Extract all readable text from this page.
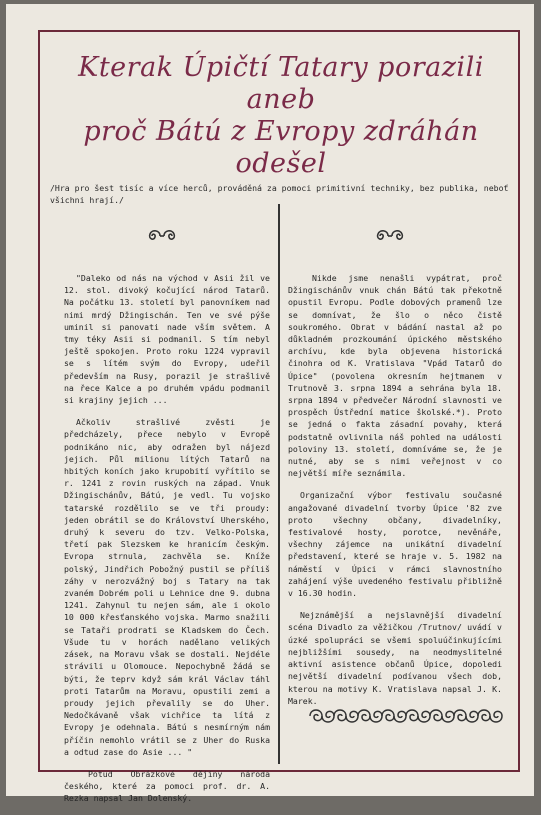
Kterak Úpičtí Tatary porazili
aneb
proč Bátú z Evropy zdráhán
odešel
/Hra pro šest tisíc a více herců, prováděná za pomoci primitivní techniky, bez publika, neboť všichni hrají./

"Daleko od nás na východ v Asii žil ve 12. stol. divoký kočující národ Tatarů. Na počátku 13. století byl panovníkem nad nimi mrdý Džingischán. Ten ve své pýše uminil si panovati nade vším světem. A tmy téky Asii si podmanil. S tím nebyl ještě spokojen. Proto roku 1224 vypravil se s lítém svým do Evropy, udeřil především na Rusy, porazil je strašlivě na řece Kalce a po druhém vpádu podmanil si krajiny jejich ...

Ačkoliv strašlivé zvěsti je předcházely, přece nebylo v Evropě podnikáno nic, aby odražen byl nájezd jejich. Půl milionu lítých Tatarů na hbitých koních jako krupobití vyřítilo se r. 1241 z rovin ruských na západ. Vnuk Džingischánův, Bátú, je vedl. Tu vojsko tatarské rozdělilo se ve tři proudy: jeden obrátil se do Království Uherského, druhý k severu do tzv. Velko-Polska, třetí pak Slezskem ke hranicím českým. Evropa strnula, zachvěla se. Kníže polský, Jindřich Pobožný pustil se příliš záhy v nerozvážný boj s Tatary na tak zvaném Dobrém poli u Lehnice dne 9. dubna 1241. Zahynul tu nejen sám, ale i okolo 10 000 křesťanského vojska. Marmo snažili se Tataři prodrati se Kladskem do Čech. Všude tu v horách nadělano velikých zásek, na Moravu však se dostali. Nejdéle strávili u Olomouce. Nepochybně žádá se býti, že teprv když sám král Václav táhl proti Tatarům na Moravu, opustili zemi a proudy jejich převalily se do Uher. Nedočkávaně však vichřice ta lítá z Evropy je odehnala. Bátú s nesmírným nám příčin nemohlo vrátil se z Uher do Ruska a odtud zase do Asie ... "

Potud Obrázkové dějiny národa českého, které za pomoci prof. dr. A. Rezka napsal Jan Dolenský.

Nikde jsme nenašli vypátrat, proč Džingischánův vnuk chán Bátú tak překotně opustil Evropu. Podle dobových pramenů lze se domnívat, že šlo o něco čistě soukromého. Obrat v bádání nastal až po důkladném prozkoumání úpického městského archívu, kde byla objevena historická činohra od K. Vratislava "Vpád Tatarů do Úpice" (povolena okresním hejtmanem v Trutnově 3. srpna 1894 a sehrána byla 18. srpna 1894 v předvečer Národní slavnosti ve prospěch Ústřední matice školské.*). Proto se jedná o fakta zásadní povahy, která podstatně ovlivnila náš pohled na události poloviny 13. století, domníváme se, že je nutné, aby se s nimi veřejnost v co největší míře seznámila.

Organizační výbor festivalu současné angažované divadelní tvorby Úpice '82 zve proto všechny občany, divadelníky, festivalové hosty, porotce, nevěnáře, všechny zájemce na unikátní divadelní představení, které se hraje v. 5. 1982 na náměstí v Úpici v rámci slavnostního zahájení výše uvedeného festivalu přibližně v 16.30 hodin.

Nejznámější a nejslavnější divadelní scéna Divadlo za věžičkou /Trutnov/ uvádí v úzké spolupráci se všemi spoluúčinkujícími nejbližšími sousedy, na neodmyslitelné aktivní asistence občanů Úpice, dopoledi největší divadelní podívanou všech dob, kterou na motivy K. Vratislava napsal J. K. Marek.
